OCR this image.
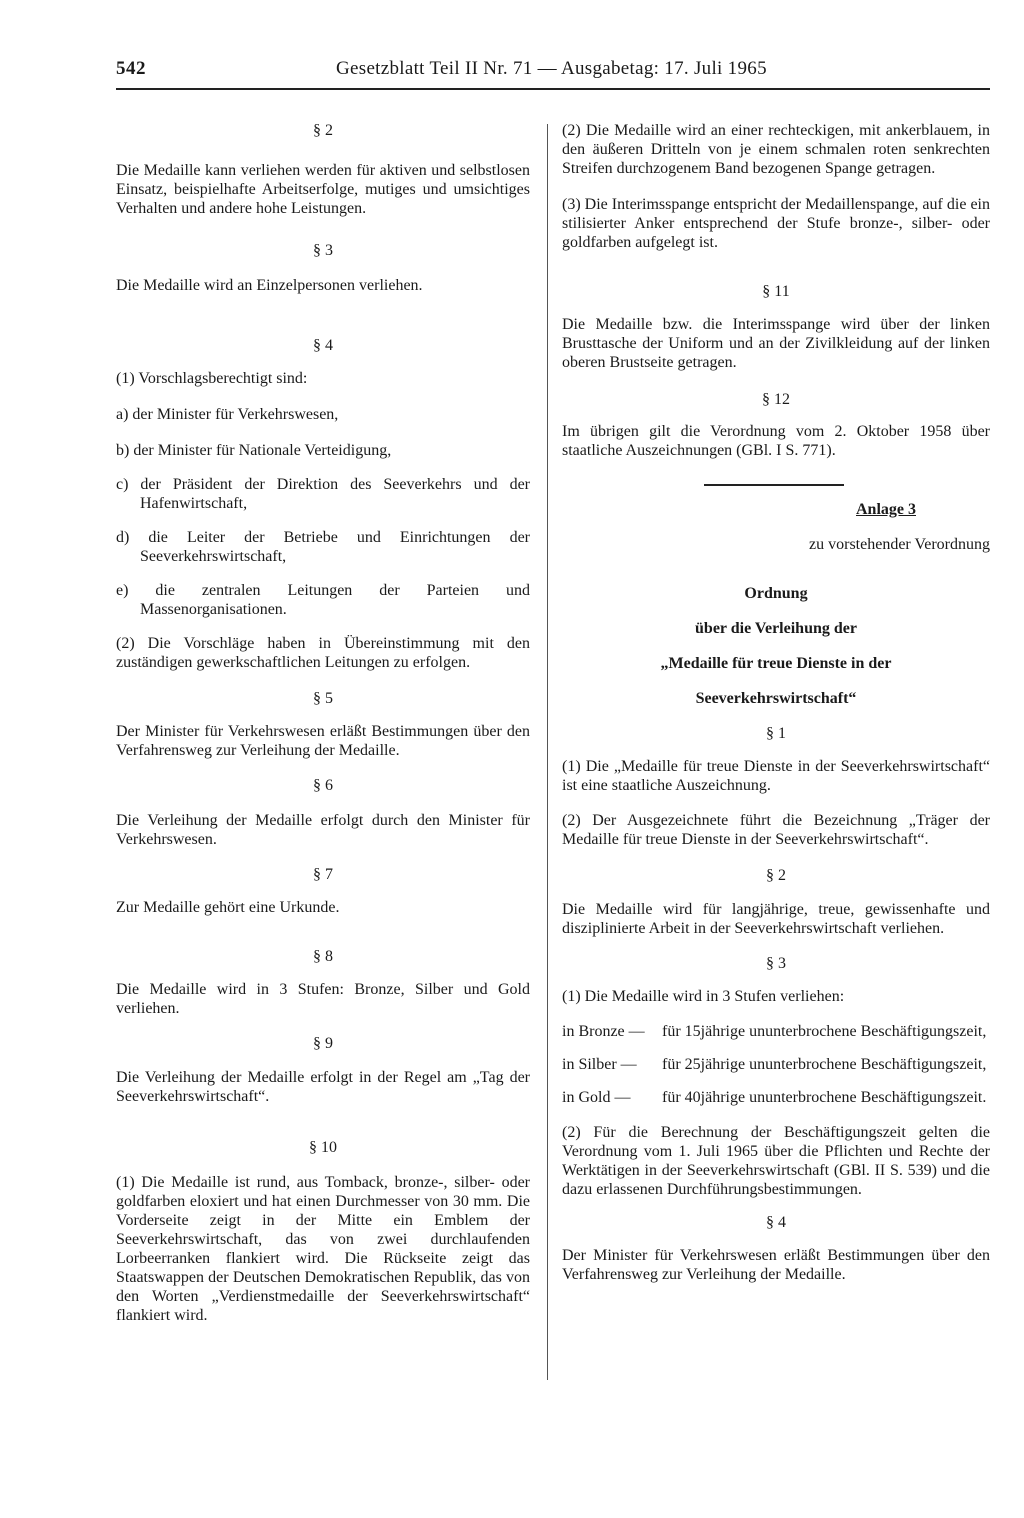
542	Gesetzblatt Teil II Nr. 71 — Ausgabetag: 17. Juli 1965

§ 2

Die Medaille kann verliehen werden für aktiven und selbstlosen Einsatz, beispielhafte Arbeitserfolge, mutiges und umsichtiges Verhalten und andere hohe Leistungen.

§ 3

Die Medaille wird an Einzelpersonen verliehen.

§ 4

(1) Vorschlagsberechtigt sind:

a) der Minister für Verkehrswesen,

b) der Minister für Nationale Verteidigung,

c) der Präsident der Direktion des Seeverkehrs und der Hafenwirtschaft,

d) die Leiter der Betriebe und Einrichtungen der Seeverkehrswirtschaft,

e) die zentralen Leitungen der Parteien und Massenorganisationen.

(2) Die Vorschläge haben in Übereinstimmung mit den zuständigen gewerkschaftlichen Leitungen zu erfolgen.

§ 5

Der Minister für Verkehrswesen erläßt Bestimmungen über den Verfahrensweg zur Verleihung der Medaille.

§ 6

Die Verleihung der Medaille erfolgt durch den Minister für Verkehrswesen.

§ 7

Zur Medaille gehört eine Urkunde.

§ 8

Die Medaille wird in 3 Stufen: Bronze, Silber und Gold verliehen.

§ 9

Die Verleihung der Medaille erfolgt in der Regel am „Tag der Seeverkehrswirtschaft“.

§ 10

(1) Die Medaille ist rund, aus Tomback, bronze-, silber- oder goldfarben eloxiert und hat einen Durchmesser von 30 mm. Die Vorderseite zeigt in der Mitte ein Emblem der Seeverkehrswirtschaft, das von zwei durchlaufenden Lorbeerranken flankiert wird. Die Rückseite zeigt das Staatswappen der Deutschen Demokratischen Republik, das von den Worten „Verdienstmedaille der Seeverkehrswirtschaft“ flankiert wird.

(2) Die Medaille wird an einer rechteckigen, mit ankerblauem, in den äußeren Dritteln von je einem schmalen roten senkrechten Streifen durchzogenem Band bezogenen Spange getragen.

(3) Die Interimsspange entspricht der Medaillenspange, auf die ein stilisierter Anker entsprechend der Stufe bronze-, silber- oder goldfarben aufgelegt ist.

§ 11

Die Medaille bzw. die Interimsspange wird über der linken Brusttasche der Uniform und an der Zivilkleidung auf der linken oberen Brustseite getragen.

§ 12

Im übrigen gilt die Verordnung vom 2. Oktober 1958 über staatliche Auszeichnungen (GBl. I S. 771).

Anlage 3

zu vorstehender Verordnung

Ordnung

über die Verleihung der

„Medaille für treue Dienste in der

Seeverkehrswirtschaft“

§ 1

(1) Die „Medaille für treue Dienste in der Seeverkehrswirtschaft“ ist eine staatliche Auszeichnung.

(2) Der Ausgezeichnete führt die Bezeichnung „Träger der Medaille für treue Dienste in der Seeverkehrswirtschaft“.

§ 2

Die Medaille wird für langjährige, treue, gewissenhafte und disziplinierte Arbeit in der Seeverkehrswirtschaft verliehen.

§ 3

(1) Die Medaille wird in 3 Stufen verliehen:

in Bronze —	für 15jährige ununterbrochene Beschäftigungszeit,
in Silber —	für 25jährige ununterbrochene Beschäftigungszeit,
in Gold —	für 40jährige ununterbrochene Beschäftigungszeit.

(2) Für die Berechnung der Beschäftigungszeit gelten die Verordnung vom 1. Juli 1965 über die Pflichten und Rechte der Werktätigen in der Seeverkehrswirtschaft (GBl. II S. 539) und die dazu erlassenen Durchführungsbestimmungen.

§ 4

Der Minister für Verkehrswesen erläßt Bestimmungen über den Verfahrensweg zur Verleihung der Medaille.
